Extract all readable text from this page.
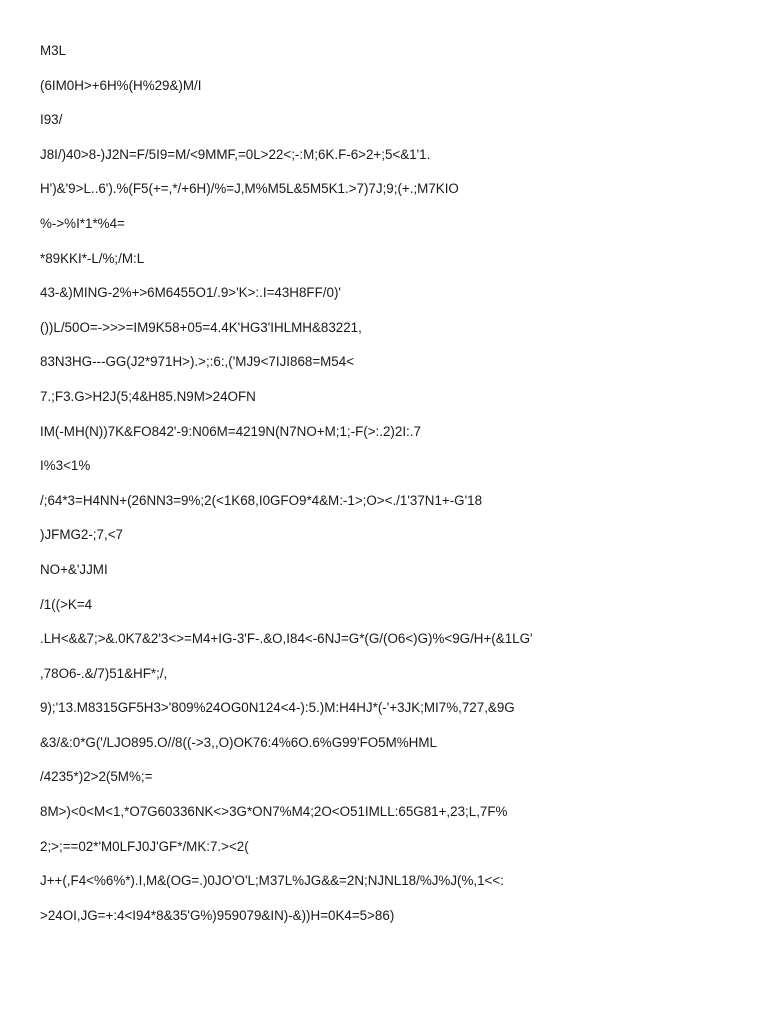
M3L
(6IM0H>+6H%(H%29&)M/I
I93/
J8I/)40>8-)J2N=F/5I9=M/<9MMF,=0L>22<;-:M;6K.F-6>2+;5<&1'1.
H')&'9>L..6').%(F5(+=,*/+6H)/%=J,M%M5L&5M5K1.>7)7J;9;(+.;M7KIO
%->%I*1*%4=
*89KKI*-L/%;/M:L
43-&)MING-2%+>6M6455O1/.9>'K>:.I=43H8FF/0)'
())L/50O=->>>=IM9K58+05=4.4K'HG3'IHLMH&83221,
83N3HG---GG(J2*971H>).>;:6:,('MJ9<7IJI868=M54<
7.;F3.G>H2J(5;4&H85.N9M>24OFN
IM(-MH(N))7K&FO842'-9:N06M=4219N(N7NO+M;1;-F(>:.2)2I:.7
I%3<1%
/;64*3=H4NN+(26NN3=9%;2(<1K68,I0GFO9*4&M:-1>;O><./1'37N1+-G'18
)JFMG2-;7,<7
NO+&'JJMI
/1((>K=4
.LH<&&7;>&.0K7&2'3<>=M4+IG-3'F-.&O,I84<-6NJ=G*(G/(O6<)G)%<9G/H+(&1LG'
,78O6-.&/7)51&HF*;/,
9);'13.M8315GF5H3>'809%24OG0N124<4-):5.)M:H4HJ*(-'+3JK;MI7%,727,&9G
&3/&:0*G('/LJO895.O//8((->3,,O)OK76:4%6O.6%G99'FO5M%HML
/4235*)2>2(5M%;=
8M>)<0<M<1,*O7G60336NK<>3G*ON7%M4;2O<O51IMLL:65G81+,23;L,7F%
2;>;==02*'M0LFJ0J'GF*/MK:7.><2(
J++(,F4<%6%*).I,M&(OG=.)0JO'O'L;M37L%JG&&=2N;NJNL18/%J%J(%,1<<:
>24OI,JG=+:4<I94*8&35'G%)959079&IN)-&))H=0K4=5>86)
